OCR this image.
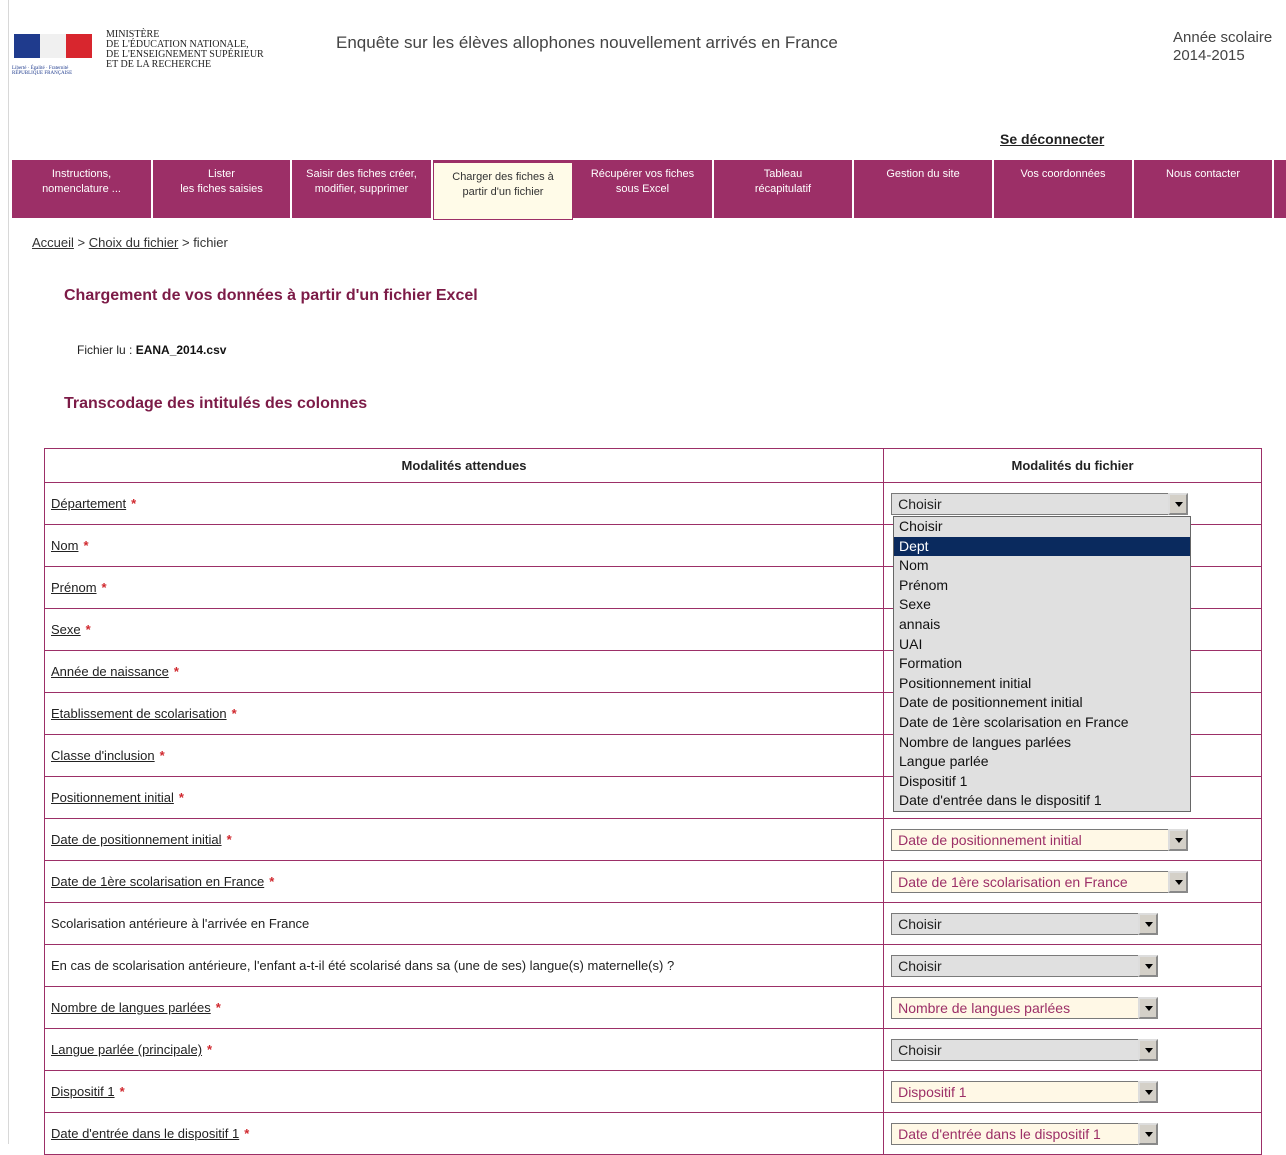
Liberté · Égalité · Fraternité
RÉPUBLIQUE FRANÇAISE
MINISTÈRE
DE L'ÉDUCATION NATIONALE,
DE L'ENSEIGNEMENT SUPÉRIEUR
ET DE LA RECHERCHE
Enquête sur les élèves allophones nouvellement arrivés en France	Année scolaire
2014-2015
Se déconnecter
Instructions,
nomenclature ...
Lister
les fiches saisies
Saisir des fiches créer,
modifier, supprimer
Charger des fiches à
partir d'un fichier
Récupérer vos fiches
sous Excel
Tableau
récapitulatif
Gestion du site	Vos coordonnées	Nous contacter
Accueil > Choix du fichier > fichier
Chargement de vos données à partir d'un fichier Excel
Fichier lu : EANA_2014.csv
Transcodage des intitulés des colonnes
Modalités attendues	Modalités du fichier
Département *	Choisir

Nom *	
Prénom *	
Sexe *	
Année de naissance *	
Etablissement de scolarisation *	
Classe d'inclusion *	
Positionnement initial *	
Date de positionnement initial *	Date de positionnement initial

Date de 1ère scolarisation en France *	Date de 1ère scolarisation en France

Scolarisation antérieure à l'arrivée en France	Choisir

En cas de scolarisation antérieure, l'enfant a-t-il été scolarisé dans sa (une de ses) langue(s) maternelle(s) ?	Choisir

Nombre de langues parlées *	Nombre de langues parlées

Langue parlée (principale) *	Choisir

Dispositif 1 *	Dispositif 1

Date d'entrée dans le dispositif 1 *	Date d'entrée dans le dispositif 1
Choisir
Dept
Nom
Prénom
Sexe
annais
UAI
Formation
Positionnement initial
Date de positionnement initial
Date de 1ère scolarisation en France
Nombre de langues parlées
Langue parlée
Dispositif 1
Date d'entrée dans le dispositif 1
